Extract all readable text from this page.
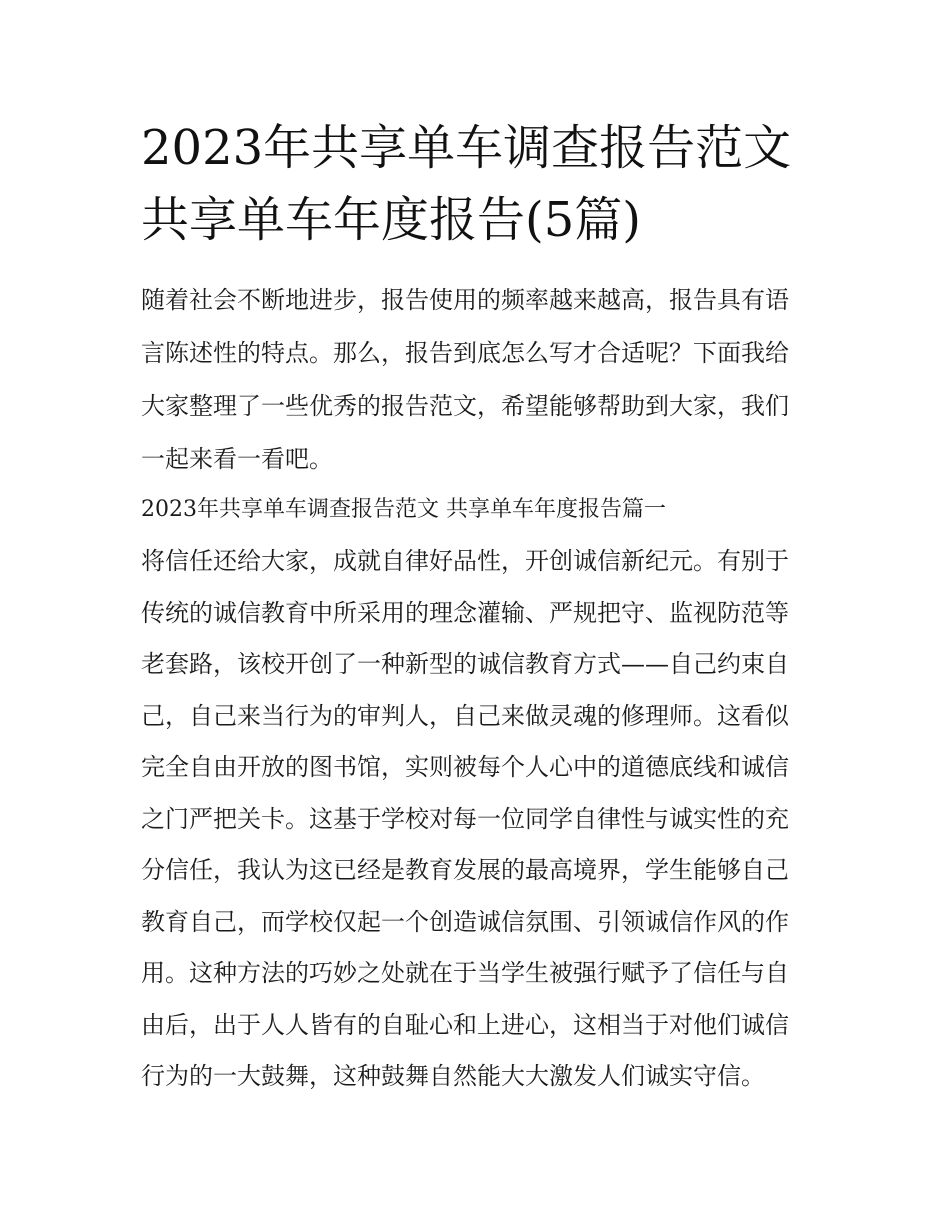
2023年共享单车调查报告范文
共享单车年度报告(5篇)
随着社会不断地进步，报告使用的频率越来越高，报告具有语
言陈述性的特点。那么，报告到底怎么写才合适呢？下面我给
大家整理了一些优秀的报告范文，希望能够帮助到大家，我们
一起来看一看吧。
2023年共享单车调查报告范文 共享单车年度报告篇一
将信任还给大家，成就自律好品性，开创诚信新纪元。有别于
传统的诚信教育中所采用的理念灌输、严规把守、监视防范等
老套路，该校开创了一种新型的诚信教育方式——自己约束自
己，自己来当行为的审判人，自己来做灵魂的修理师。这看似
完全自由开放的图书馆，实则被每个人心中的道德底线和诚信
之门严把关卡。这基于学校对每一位同学自律性与诚实性的充
分信任，我认为这已经是教育发展的最高境界，学生能够自己
教育自己，而学校仅起一个创造诚信氛围、引领诚信作风的作
用。这种方法的巧妙之处就在于当学生被强行赋予了信任与自
由后，出于人人皆有的自耻心和上进心，这相当于对他们诚信
行为的一大鼓舞，这种鼓舞自然能大大激发人们诚实守信。
